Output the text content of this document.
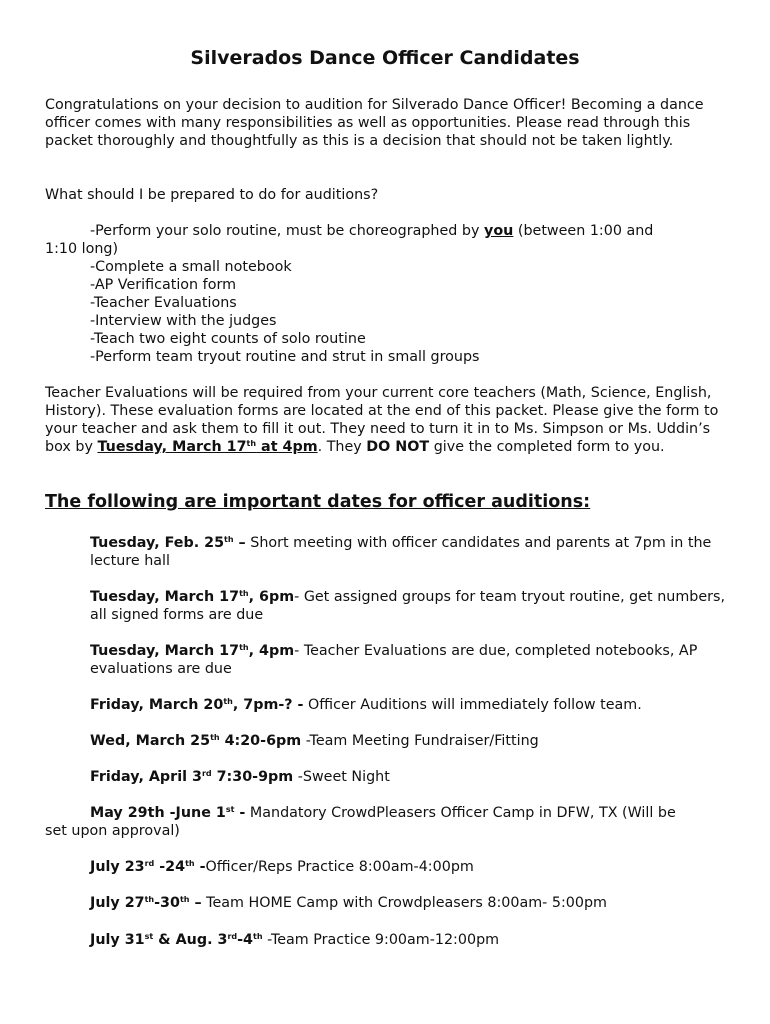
Silverados Dance Officer Candidates

Congratulations on your decision to audition for Silverado Dance Officer! Becoming a dance officer comes with many responsibilities as well as opportunities. Please read through this packet thoroughly and thoughtfully as this is a decision that should not be taken lightly.

What should I be prepared to do for auditions?

-Perform your solo routine, must be choreographed by you (between 1:00 and

1:10 long)

-Complete a small notebook

-AP Verification form

-Teacher Evaluations

-Interview with the judges

-Teach two eight counts of solo routine

-Perform team tryout routine and strut in small groups

Teacher Evaluations will be required from your current core teachers (Math, Science, English, History). These evaluation forms are located at the end of this packet. Please give the form to your teacher and ask them to fill it out. They need to turn it in to Ms. Simpson or Ms. Uddin’s box by Tuesday, March 17th at 4pm. They DO NOT give the completed form to you.

The following are important dates for officer auditions:

Tuesday, Feb. 25th – Short meeting with officer candidates and parents at 7pm in the lecture hall

Tuesday, March 17th, 6pm- Get assigned groups for team tryout routine, get numbers, all signed forms are due

Tuesday, March 17th, 4pm- Teacher Evaluations are due, completed notebooks, AP evaluations are due

Friday, March 20th, 7pm-? - Officer Auditions will immediately follow team.

Wed, March 25th 4:20-6pm -Team Meeting Fundraiser/Fitting

Friday, April 3rd 7:30-9pm -Sweet Night

May 29th -June 1st - Mandatory CrowdPleasers Officer Camp in DFW, TX (Will be

set upon approval)

July 23rd -24th -Officer/Reps Practice 8:00am-4:00pm

July 27th-30th – Team HOME Camp with Crowdpleasers 8:00am- 5:00pm

July 31st & Aug. 3rd-4th -Team Practice 9:00am-12:00pm
